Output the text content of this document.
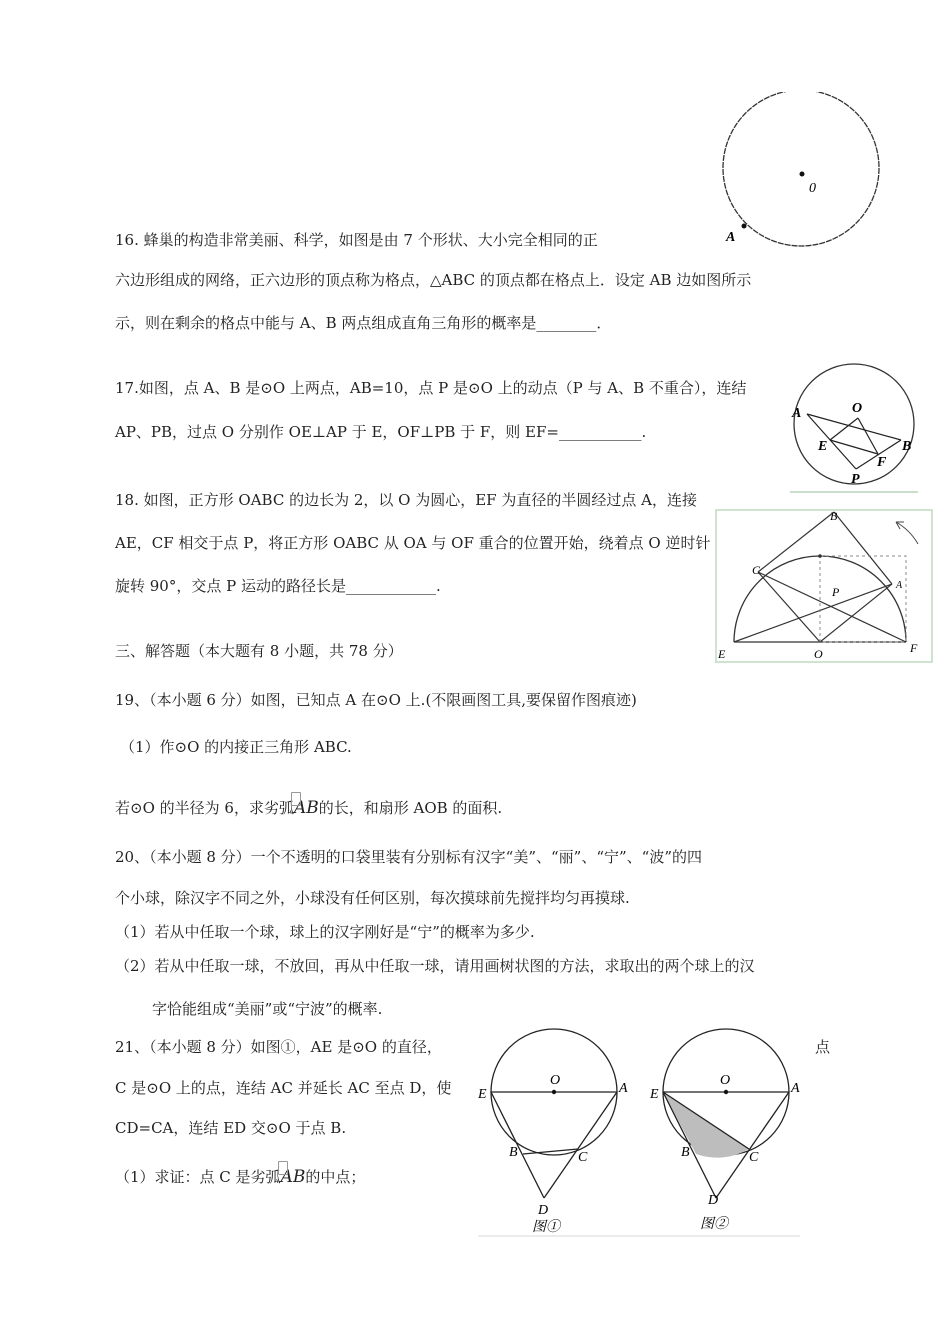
0
A
16. 蜂巢的构造非常美丽、科学，如图是由 7 个形状、大小完全相同的正
六边形组成的网络，正六边形的顶点称为格点，△ABC 的顶点都在格点上．设定 AB 边如图所示
示，则在剩余的格点中能与 A、B 两点组成直角三角形的概率是________．
A	O
B
E
F
P
17.如图，点 A、B 是⊙O 上两点，AB=10，点 P 是⊙O 上的动点（P 与 A、B 不重合），连结
AP、PB，过点 O 分别作 OE⊥AP 于 E，OF⊥PB 于 F，则 EF=___________.
B
C
P	A
E	O	F
18. 如图，正方形 OABC 的边长为 2，以 O 为圆心，EF 为直径的半圆经过点 A，连接
AE，CF 相交于点 P，将正方形 OABC 从 OA 与 OF 重合的位置开始，绕着点 O 逆时针
旋转 90°，交点 P 运动的路径长是____________.
三、解答题（本大题有 8 小题，共 78 分）
19、（本小题 6 分）如图，已知点 A 在⊙O 上.(不限画图工具,要保留作图痕迹)
（1）作⊙O 的内接正三角形 ABC.
若⊙O 的半径为 6，求劣弧AB的长，和扇形 AOB 的面积.
20、（本小题 8 分）一个不透明的口袋里装有分别标有汉字“美”、“丽”、“宁”、“波”的四
个小球，除汉字不同之外，小球没有任何区别，每次摸球前先搅拌均匀再摸球.
（1）若从中任取一个球，球上的汉字刚好是“宁”的概率为多少.
（2）若从中任取一球，不放回，再从中任取一球，请用画树状图的方法，求取出的两个球上的汉
字恰能组成“美丽”或“宁波”的概率.
21、（本小题 8 分）如图①，AE 是⊙O 的直径，	点
C 是⊙O 上的点，连结 AC 并延长 AC 至点 D，使
CD=CA，连结 ED 交⊙O 于点 B.
（1）求证：点 C 是劣弧AB的中点；
O
E	A
B	C
D
图①
O
E	A
B	C
D
图②
